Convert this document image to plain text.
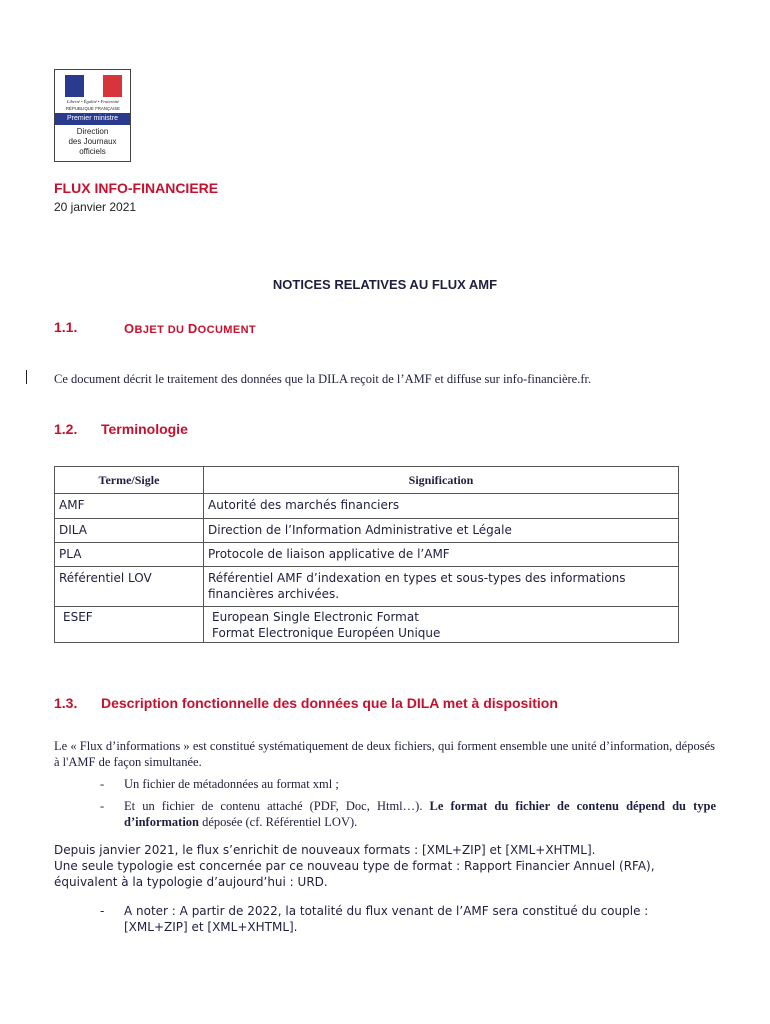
Liberté • Égalité • Fraternité
RÉPUBLIQUE FRANÇAISE
Premier ministre
Direction
des Journaux
officiels
FLUX INFO-FINANCIERE
20 janvier 2021
NOTICES RELATIVES AU FLUX AMF
1.1.	OBJET DU DOCUMENT
Ce document décrit le traitement des données que la DILA reçoit de l’AMF et diffuse sur info-financière.fr.
1.2. Terminologie
Terme/Sigle	Signification
AMF	Autorité des marchés financiers
DILA	Direction de l’Information Administrative et Légale
PLA	Protocole de liaison applicative de l’AMF
Référentiel LOV	Référentiel AMF d’indexation en types et sous-types des informations financières archivées.
ESEF	European Single Electronic Format
Format Electronique Européen Unique
1.3. Description fonctionnelle des données que la DILA met à disposition
Le « Flux d’informations » est constitué systématiquement de deux fichiers, qui forment ensemble une unité d’information, déposés à l'AMF de façon simultanée.
- Un fichier de métadonnées au format xml ;
- Et un fichier de contenu attaché (PDF, Doc, Html…). Le format du fichier de contenu dépend du type d’information déposée (cf. Référentiel LOV).
Depuis janvier 2021, le flux s’enrichit de nouveaux formats : [XML+ZIP] et [XML+XHTML].
Une seule typologie est concernée par ce nouveau type de format : Rapport Financier Annuel (RFA),
équivalent à la typologie d’aujourd’hui : URD.
- A noter : A partir de 2022, la totalité du flux venant de l’AMF sera constitué du couple : [XML+ZIP] et [XML+XHTML].
